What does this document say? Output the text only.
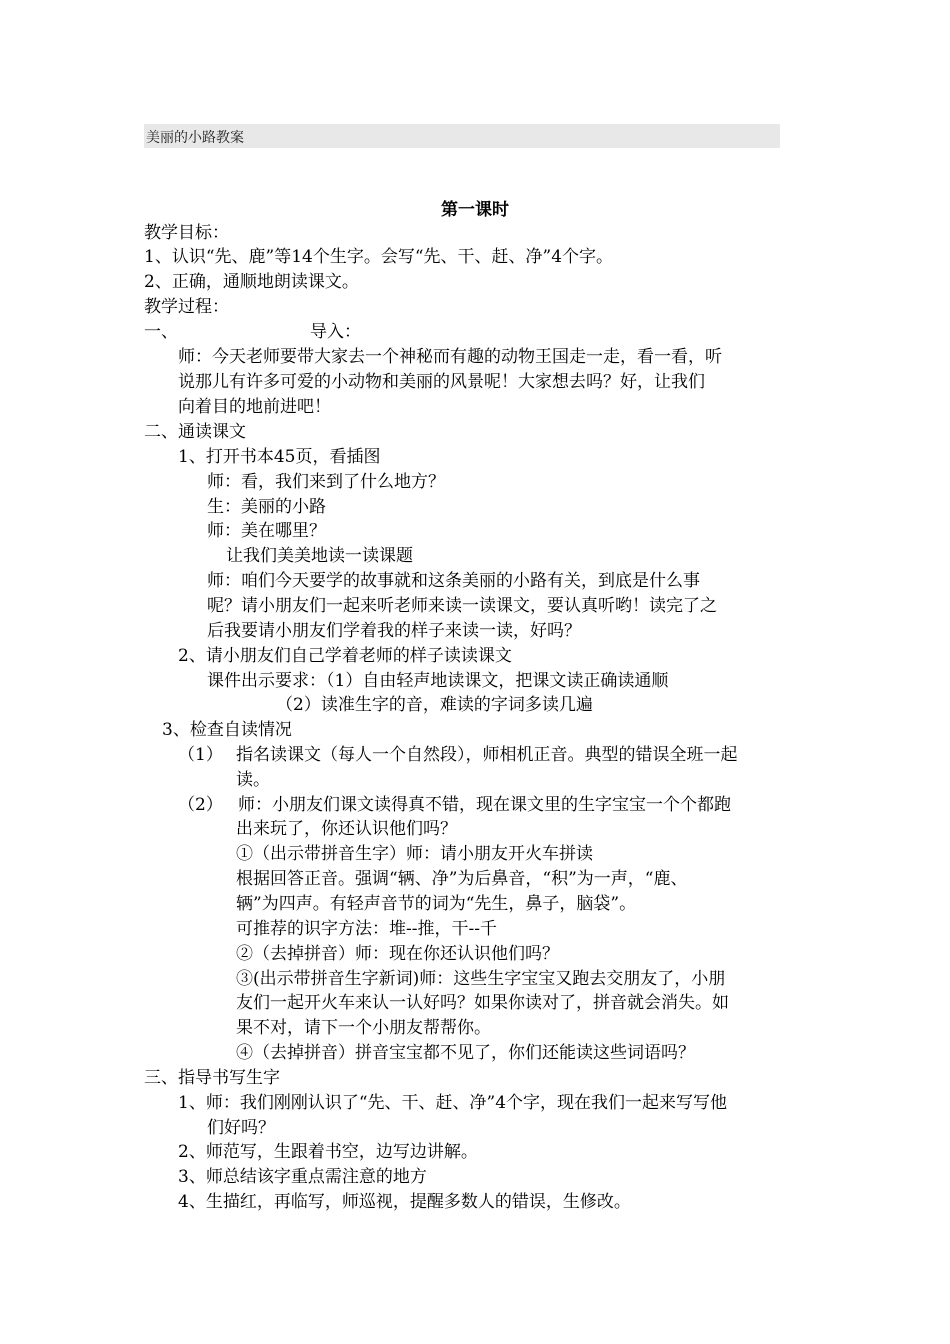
美丽的小路教案
第一课时
教学目标：
1、认识“先、鹿”等14个生字。会写“先、干、赶、净”4个字。
2、正确，通顺地朗读课文。
教学过程：
一、	导入：
师：今天老师要带大家去一个神秘而有趣的动物王国走一走，看一看，听
说那儿有许多可爱的小动物和美丽的风景呢！大家想去吗？好，让我们
向着目的地前进吧！
二、通读课文
1、打开书本45页，看插图
师：看，我们来到了什么地方？
生：美丽的小路
师：美在哪里？
让我们美美地读一读课题
师：咱们今天要学的故事就和这条美丽的小路有关，到底是什么事
呢？请小朋友们一起来听老师来读一读课文，要认真听哟！读完了之
后我要请小朋友们学着我的样子来读一读，好吗？
2、请小朋友们自己学着老师的样子读读课文
课件出示要求：（1）自由轻声地读课文，把课文读正确读通顺
（2）读准生字的音，难读的字词多读几遍
3、检查自读情况
（1） 指名读课文（每人一个自然段），师相机正音。典型的错误全班一起
读。
（2） 师：小朋友们课文读得真不错，现在课文里的生字宝宝一个个都跑
出来玩了，你还认识他们吗？
①（出示带拼音生字）师：请小朋友开火车拼读
根据回答正音。强调“辆、净”为后鼻音，“积”为一声，“鹿、
辆”为四声。有轻声音节的词为“先生，鼻子，脑袋”。
可推荐的识字方法：堆--推，干--千
②（去掉拼音）师：现在你还认识他们吗？
③(出示带拼音生字新词)师：这些生字宝宝又跑去交朋友了，小朋
友们一起开火车来认一认好吗？如果你读对了，拼音就会消失。如
果不对，请下一个小朋友帮帮你。
④（去掉拼音）拼音宝宝都不见了，你们还能读这些词语吗？
三、指导书写生字
1、师：我们刚刚认识了“先、干、赶、净”4个字，现在我们一起来写写他
们好吗？
2、师范写，生跟着书空，边写边讲解。
3、师总结该字重点需注意的地方
4、生描红，再临写，师巡视，提醒多数人的错误，生修改。
